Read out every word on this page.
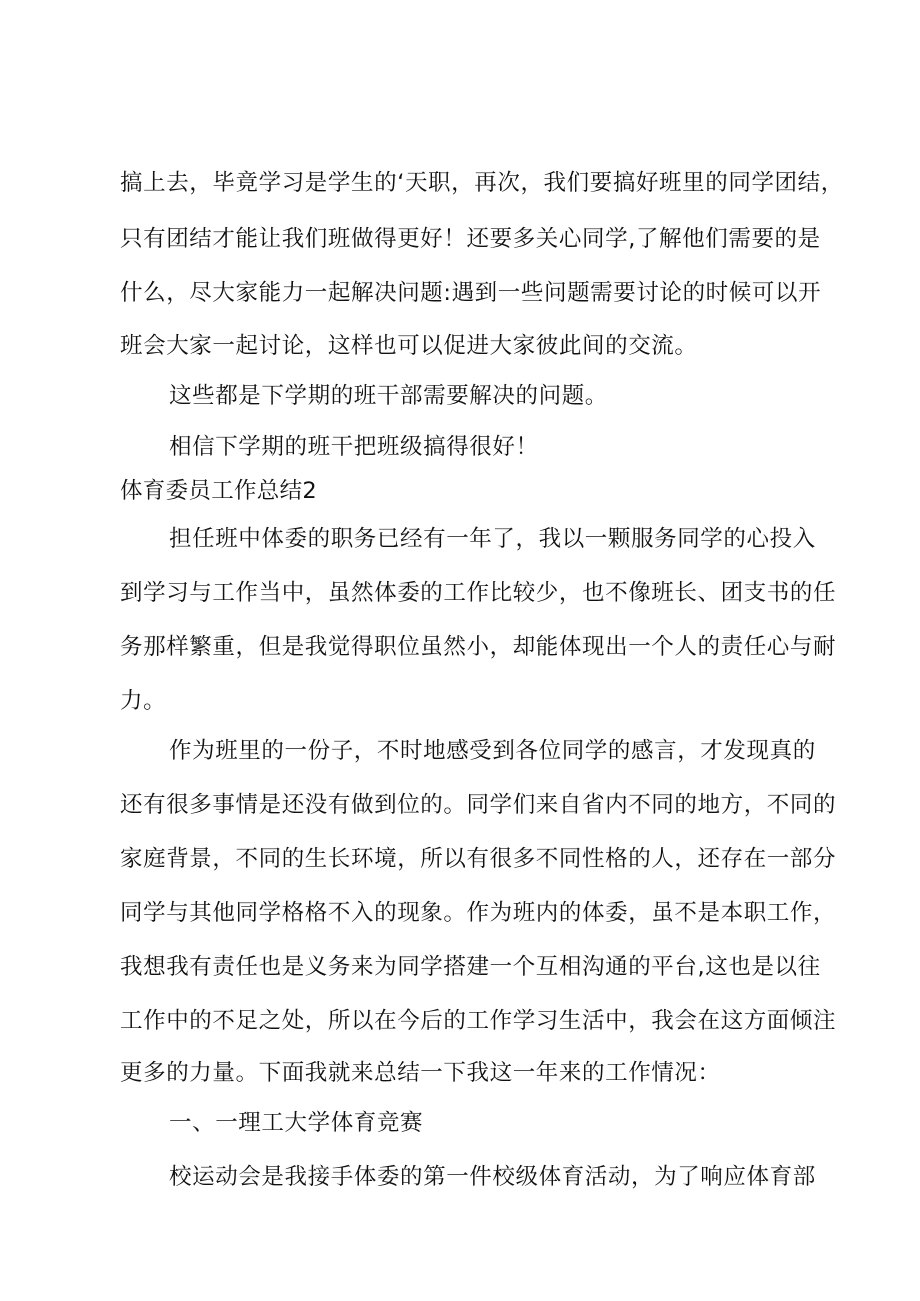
搞上去，毕竟学习是学生的‘天职，再次，我们要搞好班里的同学团结，
只有团结才能让我们班做得更好！还要多关心同学,了解他们需要的是
什么，尽大家能力一起解决问题:遇到一些问题需要讨论的时候可以开
班会大家一起讨论，这样也可以促进大家彼此间的交流。
这些都是下学期的班干部需要解决的问题。
相信下学期的班干把班级搞得很好！
体育委员工作总结2
担任班中体委的职务已经有一年了，我以一颗服务同学的心投入
到学习与工作当中，虽然体委的工作比较少，也不像班长、团支书的任
务那样繁重，但是我觉得职位虽然小，却能体现出一个人的责任心与耐
力。
作为班里的一份子，不时地感受到各位同学的感言，才发现真的
还有很多事情是还没有做到位的。同学们来自省内不同的地方，不同的
家庭背景，不同的生长环境，所以有很多不同性格的人，还存在一部分
同学与其他同学格格不入的现象。作为班内的体委，虽不是本职工作，
我想我有责任也是义务来为同学搭建一个互相沟通的平台,这也是以往
工作中的不足之处，所以在今后的工作学习生活中，我会在这方面倾注
更多的力量。下面我就来总结一下我这一年来的工作情况：
一、一理工大学体育竞赛
校运动会是我接手体委的第一件校级体育活动，为了响应体育部
